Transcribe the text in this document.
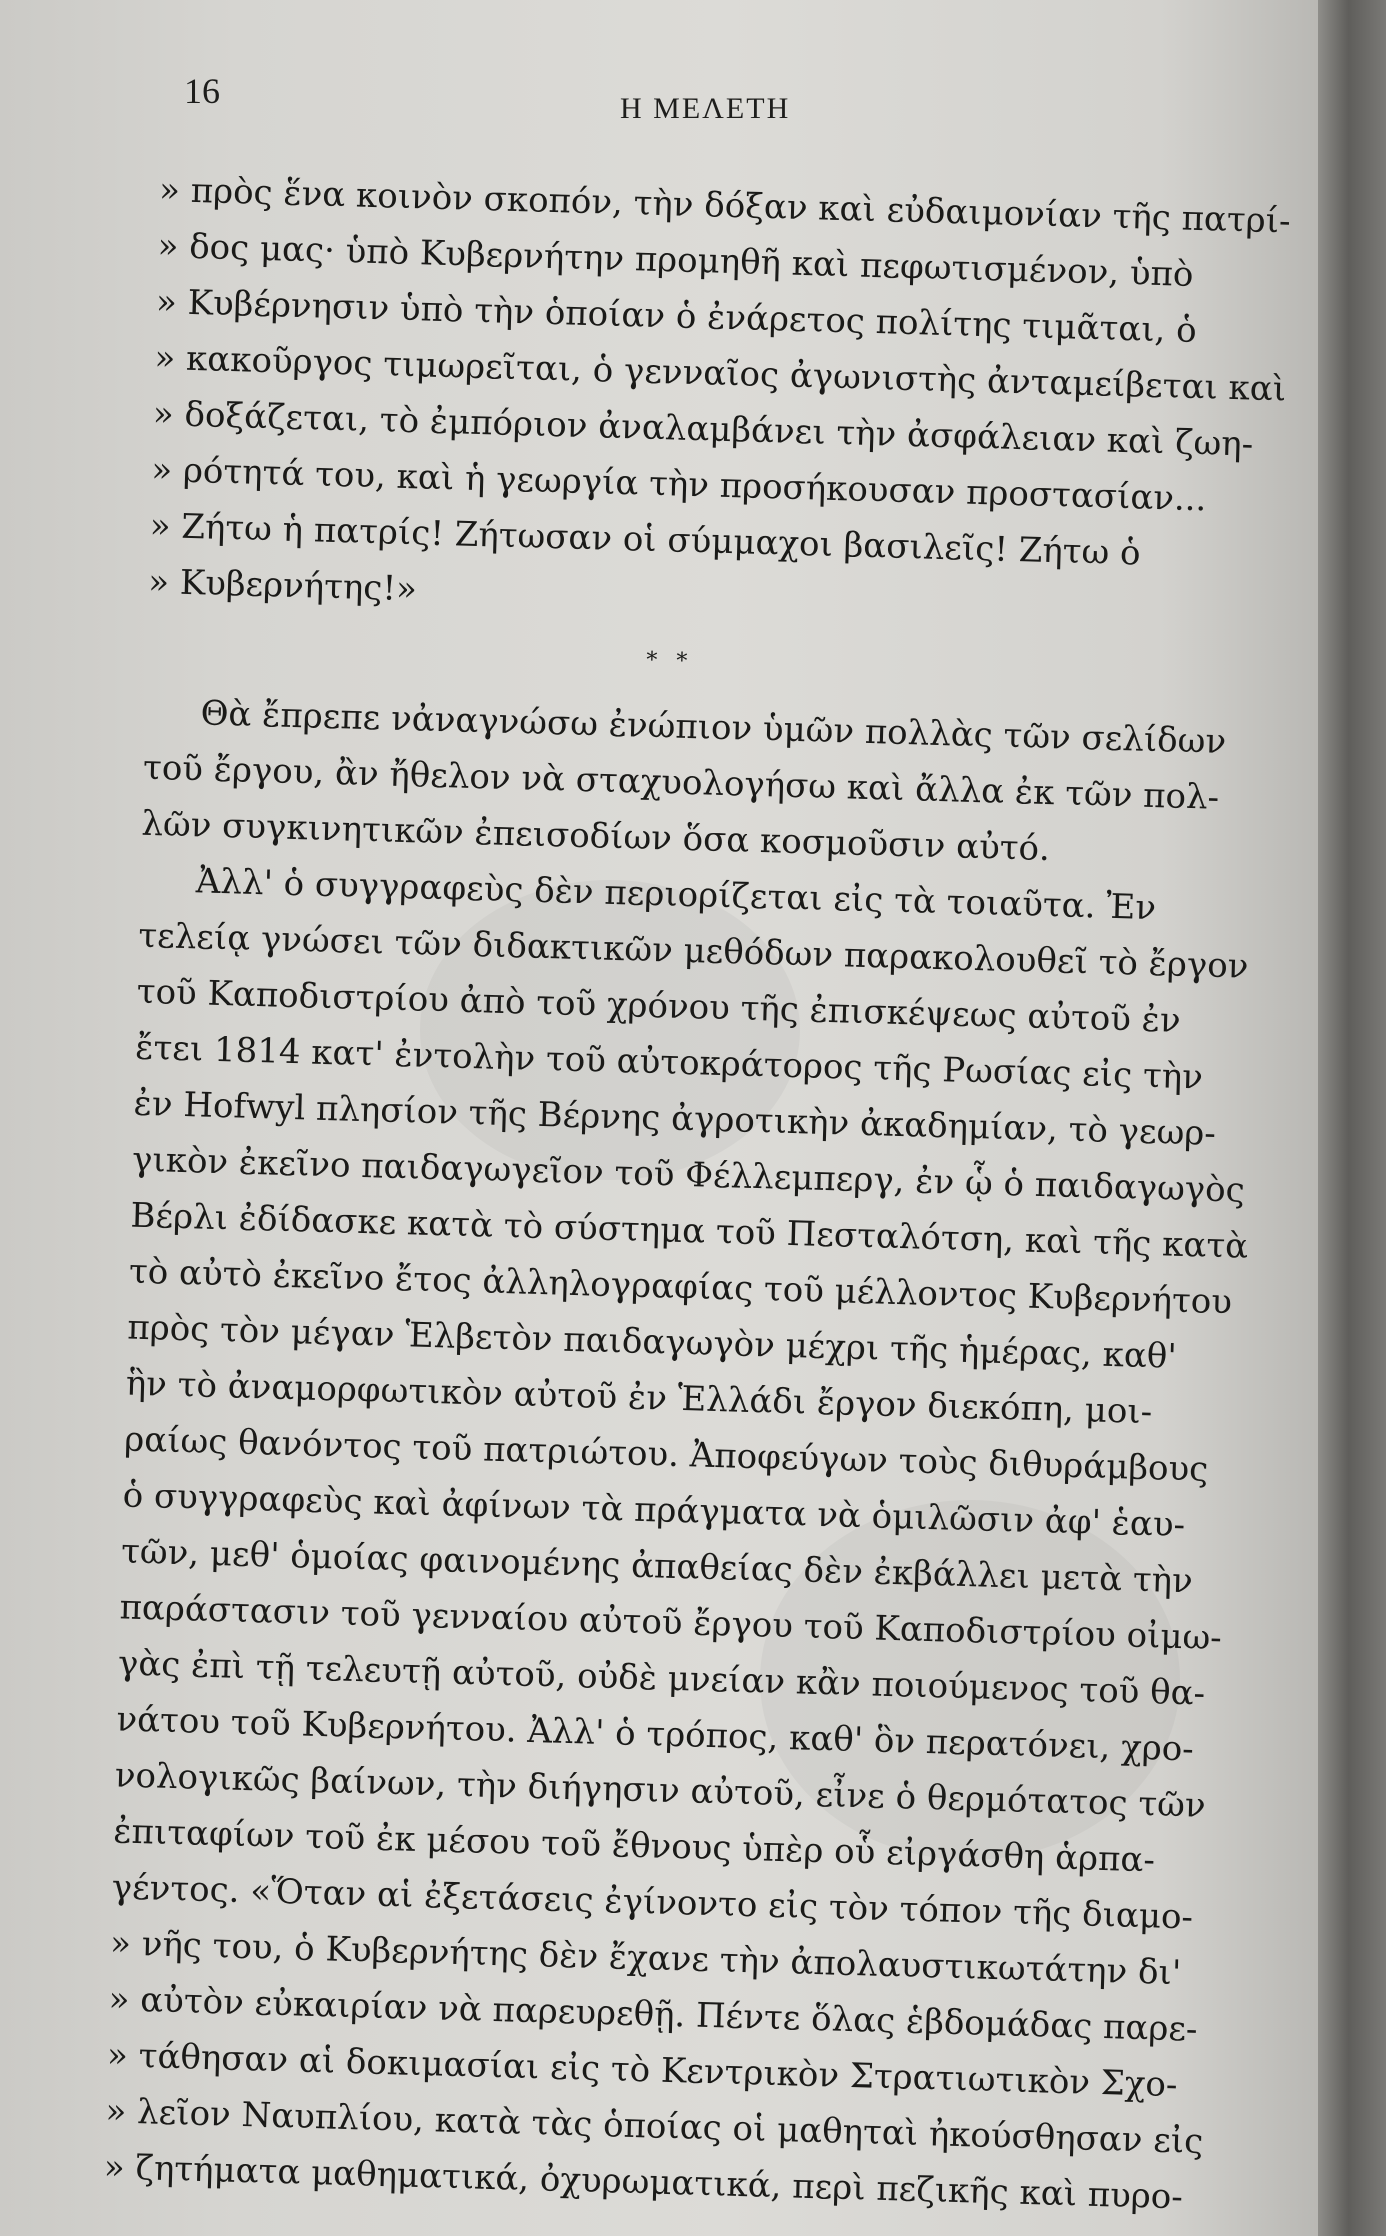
16	Η ΜΕΛΕΤΗ
» πρὸς ἕνα κοινὸν σκοπόν, τὴν δόξαν καὶ εὐδαιμονίαν τῆς πατρί-
» δος μας· ὑπὸ Κυβερνήτην προμηθῆ καὶ πεφωτισμένον, ὑπὸ
» Κυβέρνησιν ὑπὸ τὴν ὁποίαν ὁ ἐνάρετος πολίτης τιμᾶται, ὁ
» κακοῦργος τιμωρεῖται, ὁ γενναῖος ἀγωνιστὴς ἀνταμείβεται καὶ
» δοξάζεται, τὸ ἐμπόριον ἀναλαμβάνει τὴν ἀσφάλειαν καὶ ζωη-
» ρότητά του, καὶ ἡ γεωργία τὴν προσήκουσαν προστασίαν...
» Ζήτω ἡ πατρίς! Ζήτωσαν οἱ σύμμαχοι βασιλεῖς! Ζήτω ὁ
» Κυβερνήτης!»
* *
Θὰ ἔπρεπε νἀναγνώσω ἐνώπιον ὑμῶν πολλὰς τῶν σελίδων
τοῦ ἔργου, ἂν ἤθελον νὰ σταχυολογήσω καὶ ἄλλα ἐκ τῶν πολ-
λῶν συγκινητικῶν ἐπεισοδίων ὅσα κοσμοῦσιν αὐτό.
Ἀλλ' ὁ συγγραφεὺς δὲν περιορίζεται εἰς τὰ τοιαῦτα. Ἐν
τελείᾳ γνώσει τῶν διδακτικῶν μεθόδων παρακολουθεῖ τὸ ἔργον
τοῦ Καποδιστρίου ἀπὸ τοῦ χρόνου τῆς ἐπισκέψεως αὐτοῦ ἐν
ἔτει 1814 κατ' ἐντολὴν τοῦ αὐτοκράτορος τῆς Ρωσίας εἰς τὴν
ἐν Hofwyl πλησίον τῆς Βέρνης ἀγροτικὴν ἀκαδημίαν, τὸ γεωρ-
γικὸν ἐκεῖνο παιδαγωγεῖον τοῦ Φέλλεμπεργ, ἐν ᾧ ὁ παιδαγωγὸς
Βέρλι ἐδίδασκε κατὰ τὸ σύστημα τοῦ Πεσταλότση, καὶ τῆς κατὰ
τὸ αὐτὸ ἐκεῖνο ἔτος ἀλληλογραφίας τοῦ μέλλοντος Κυβερνήτου
πρὸς τὸν μέγαν Ἑλβετὸν παιδαγωγὸν μέχρι τῆς ἡμέρας, καθ'
ἣν τὸ ἀναμορφωτικὸν αὐτοῦ ἐν Ἑλλάδι ἔργον διεκόπη, μοι-
ραίως θανόντος τοῦ πατριώτου. Ἀποφεύγων τοὺς διθυράμβους
ὁ συγγραφεὺς καὶ ἀφίνων τὰ πράγματα νὰ ὁμιλῶσιν ἀφ' ἑαυ-
τῶν, μεθ' ὁμοίας φαινομένης ἀπαθείας δὲν ἐκβάλλει μετὰ τὴν
παράστασιν τοῦ γενναίου αὐτοῦ ἔργου τοῦ Καποδιστρίου οἰμω-
γὰς ἐπὶ τῇ τελευτῇ αὐτοῦ, οὐδὲ μνείαν κἂν ποιούμενος τοῦ θα-
νάτου τοῦ Κυβερνήτου. Ἀλλ' ὁ τρόπος, καθ' ὃν περατόνει, χρο-
νολογικῶς βαίνων, τὴν διήγησιν αὐτοῦ, εἶνε ὁ θερμότατος τῶν
ἐπιταφίων τοῦ ἐκ μέσου τοῦ ἔθνους ὑπὲρ οὗ εἰργάσθη ἁρπα-
γέντος. «Ὅταν αἱ ἐξετάσεις ἐγίνοντο εἰς τὸν τόπον τῆς διαμο-
» νῆς του, ὁ Κυβερνήτης δὲν ἔχανε τὴν ἀπολαυστικωτάτην δι'
» αὐτὸν εὐκαιρίαν νὰ παρευρεθῇ. Πέντε ὅλας ἑβδομάδας παρε-
» τάθησαν αἱ δοκιμασίαι εἰς τὸ Κεντρικὸν Στρατιωτικὸν Σχο-
» λεῖον Ναυπλίου, κατὰ τὰς ὁποίας οἱ μαθηταὶ ἠκούσθησαν εἰς
» ζητήματα μαθηματικά, ὀχυρωματικά, περὶ πεζικῆς καὶ πυρο-
